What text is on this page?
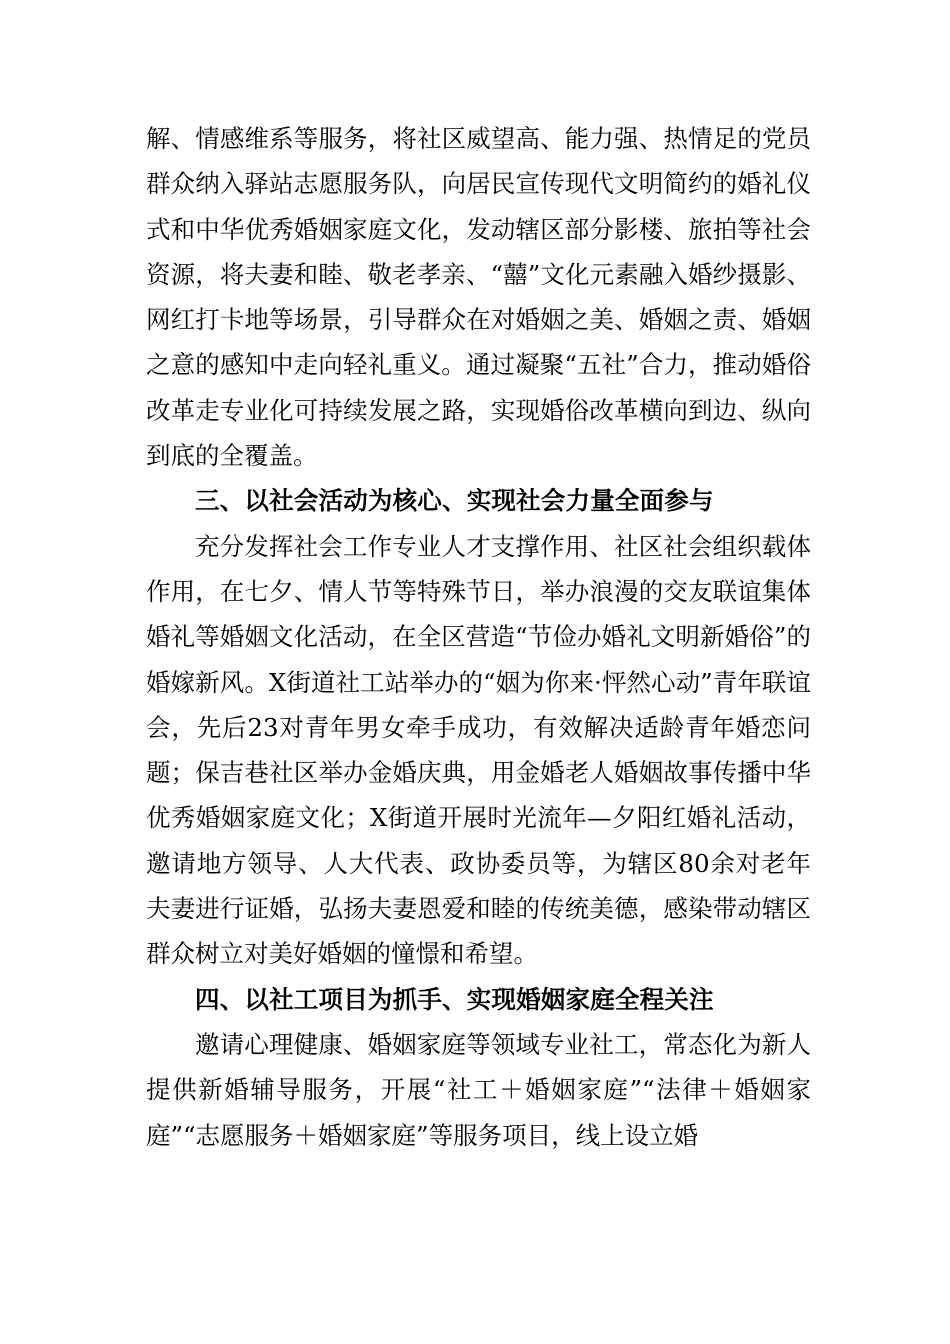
解、情感维系等服务，将社区威望高、能力强、热情足的党员群众纳入驿站志愿服务队，向居民宣传现代文明简约的婚礼仪式和中华优秀婚姻家庭文化，发动辖区部分影楼、旅拍等社会资源，将夫妻和睦、敬老孝亲、“囍”文化元素融入婚纱摄影、网红打卡地等场景，引导群众在对婚姻之美、婚姻之责、婚姻之意的感知中走向轻礼重义。通过凝聚“五社”合力，推动婚俗改革走专业化可持续发展之路，实现婚俗改革横向到边、纵向到底的全覆盖。

三、以社会活动为核心、实现社会力量全面参与

充分发挥社会工作专业人才支撑作用、社区社会组织载体作用，在七夕、情人节等特殊节日，举办浪漫的交友联谊集体婚礼等婚姻文化活动，在全区营造“节俭办婚礼文明新婚俗”的婚嫁新风。X街道社工站举办的“姻为你来·怦然心动”青年联谊会，先后23对青年男女牵手成功，有效解决适龄青年婚恋问题；保吉巷社区举办金婚庆典，用金婚老人婚姻故事传播中华优秀婚姻家庭文化；X街道开展时光流年—夕阳红婚礼活动，邀请地方领导、人大代表、政协委员等，为辖区80余对老年夫妻进行证婚，弘扬夫妻恩爱和睦的传统美德，感染带动辖区群众树立对美好婚姻的憧憬和希望。

四、以社工项目为抓手、实现婚姻家庭全程关注

邀请心理健康、婚姻家庭等领域专业社工，常态化为新人提供新婚辅导服务，开展“社工＋婚姻家庭”“法律＋婚姻家庭”“志愿服务＋婚姻家庭”等服务项目，线上设立婚
